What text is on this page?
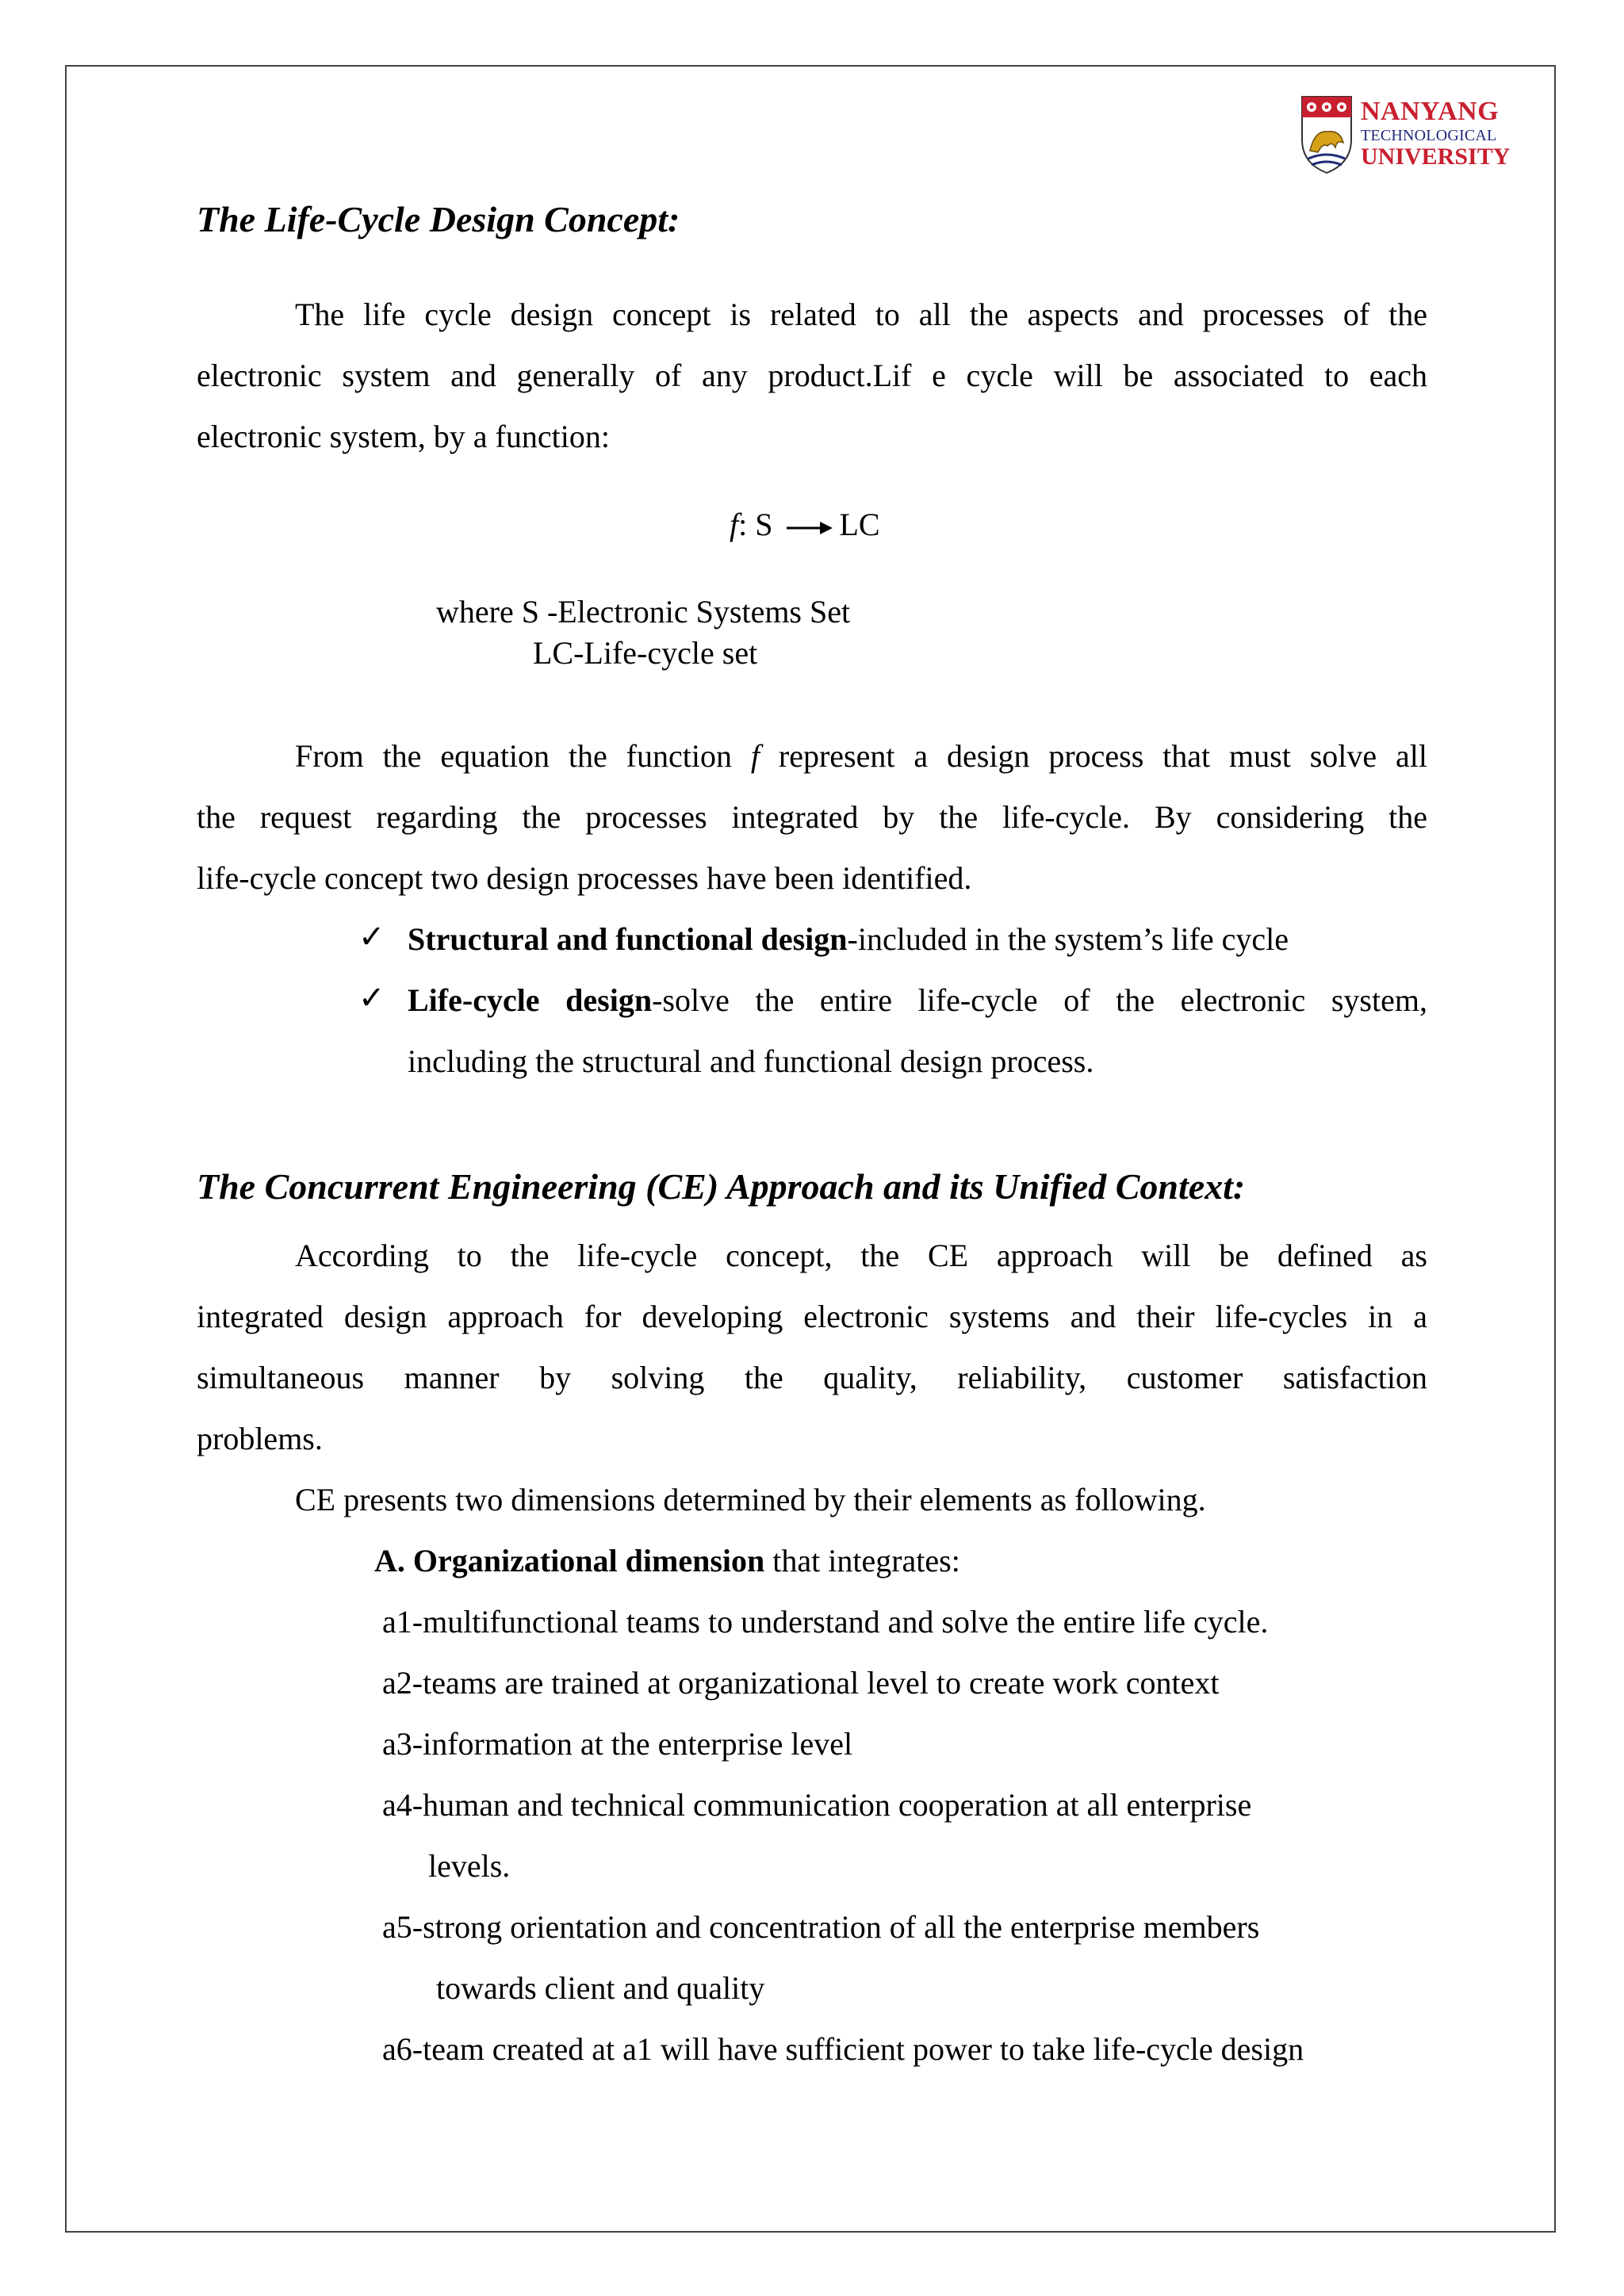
NANYANG
TECHNOLOGICAL
UNIVERSITY
The Life-Cycle Design Concept:
The life cycle design concept is related to all the aspects and processes of the
electronic system and generally of any product.Lif e cycle will be associated to each
electronic system, by a function:
f: S LC
where S -Electronic Systems Set
LC-Life-cycle set
From the equation the function f represent a design process that must solve all
the request regarding the processes integrated by the life-cycle. By considering the
life-cycle concept two design processes have been identified.
✓ Structural and functional design-included in the system’s life cycle
✓ Life-cycle design-solve the entire life-cycle of the electronic system,
including the structural and functional design process.
The Concurrent Engineering (CE) Approach and its Unified Context:
According to the life-cycle concept, the CE approach will be defined as
integrated design approach for developing electronic systems and their life-cycles in a
simultaneous manner by solving the quality, reliability, customer satisfaction
problems.
CE presents two dimensions determined by their elements as following.
A. Organizational dimension that integrates:
a1-multifunctional teams to understand and solve the entire life cycle.
a2-teams are trained at organizational level to create work context
a3-information at the enterprise level
a4-human and technical communication cooperation at all enterprise
levels.
a5-strong orientation and concentration of all the enterprise members
towards client and quality
a6-team created at a1 will have sufficient power to take life-cycle design
